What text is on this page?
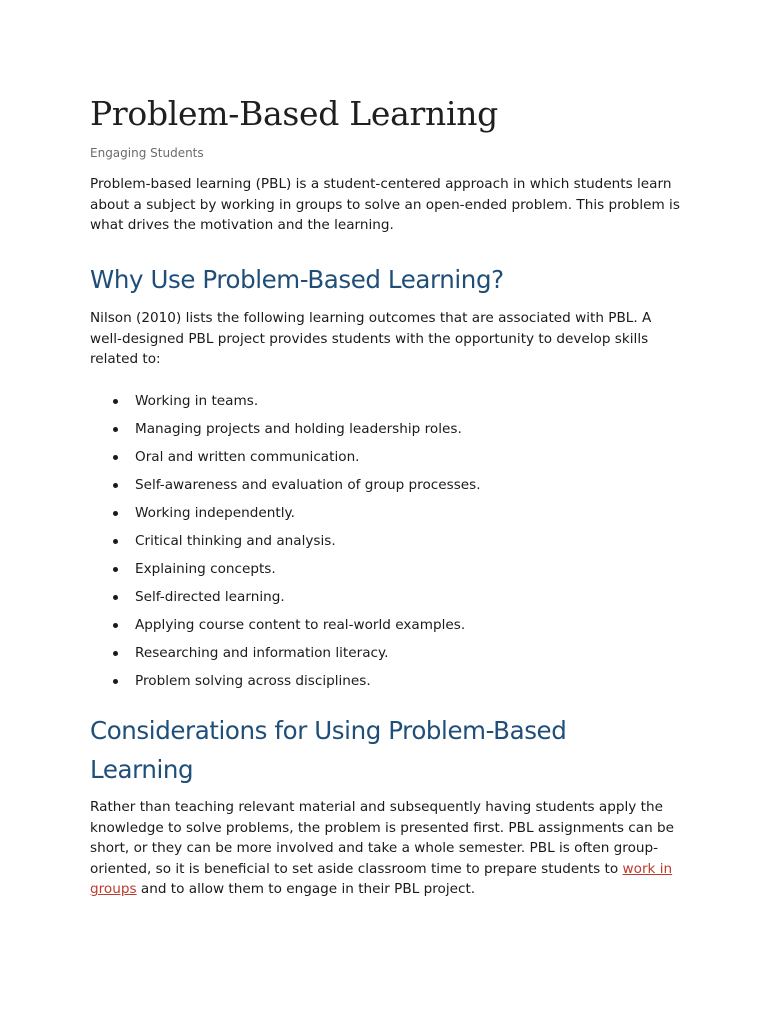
Problem-Based Learning

Engaging Students

Problem-based learning (PBL) is a student-centered approach in which students learn about a subject by working in groups to solve an open-ended problem. This problem is what drives the motivation and the learning.

Why Use Problem-Based Learning?

Nilson (2010) lists the following learning outcomes that are associated with PBL. A well-designed PBL project provides students with the opportunity to develop skills related to:

Working in teams.
Managing projects and holding leadership roles.
Oral and written communication.
Self-awareness and evaluation of group processes.
Working independently.
Critical thinking and analysis.
Explaining concepts.
Self-directed learning.
Applying course content to real-world examples.
Researching and information literacy.
Problem solving across disciplines.
Considerations for Using Problem-Based Learning

Rather than teaching relevant material and subsequently having students apply the knowledge to solve problems, the problem is presented first. PBL assignments can be short, or they can be more involved and take a whole semester. PBL is often group-oriented, so it is beneficial to set aside classroom time to prepare students to work in groups and to allow them to engage in their PBL project.
